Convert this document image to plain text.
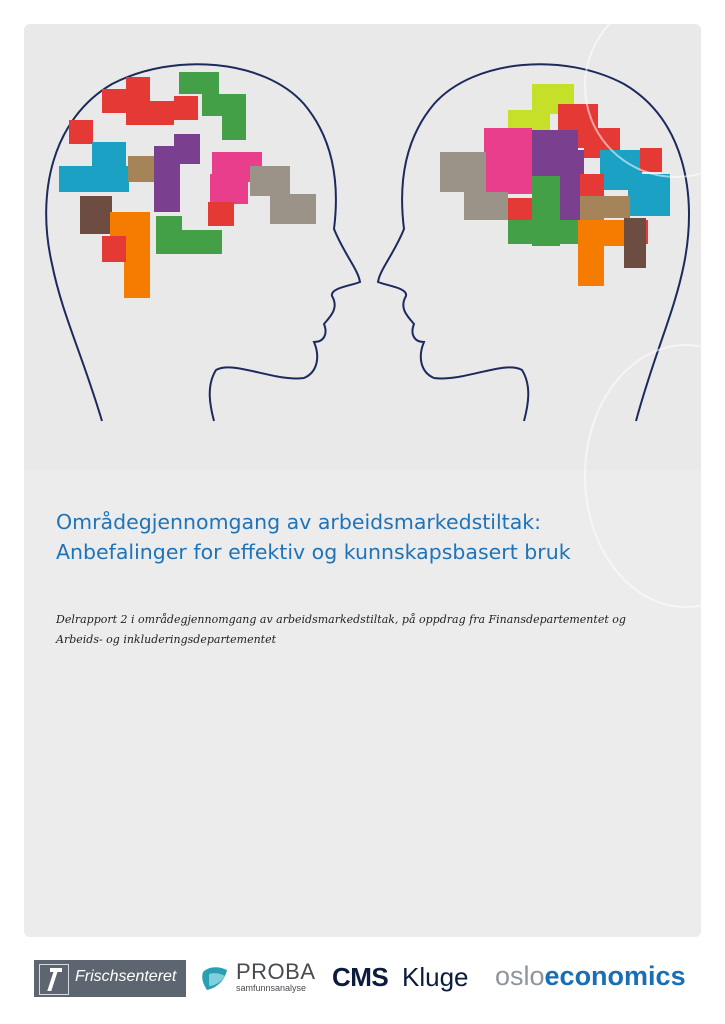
Områdegjennomgang av arbeidsmarkedstiltak: Anbefalinger for effektiv og kunnskapsbasert bruk

Delrapport 2 i områdegjennomgang av arbeidsmarkedstiltak, på oppdrag fra Finansdepartementet og Arbeids- og inkluderingsdepartementet

Frischsenteret	PROBA
samfunnsanalyse CMS Kluge osloeconomics
